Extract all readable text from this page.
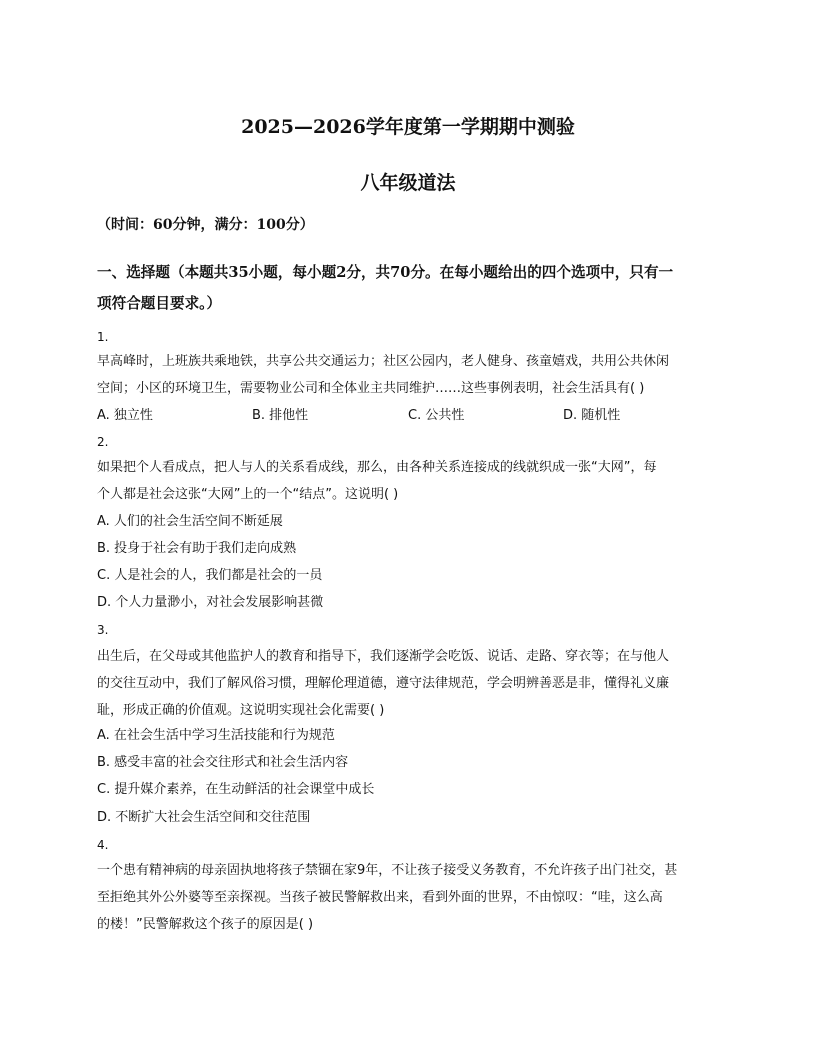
2025—2026学年度第一学期期中测验
八年级道法
（时间：60分钟，满分：100分）
一、选择题（本题共35小题，每小题2分，共70分。在每小题给出的四个选项中，只有一
项符合题目要求。）
1.
早高峰时，上班族共乘地铁，共享公共交通运力；社区公园内，老人健身、孩童嬉戏，共用公共休闲
空间；小区的环境卫生，需要物业公司和全体业主共同维护……这些事例表明，社会生活具有( )
A. 独立性	B. 排他性	C. 公共性	D. 随机性
2.
如果把个人看成点，把人与人的关系看成线，那么，由各种关系连接成的线就织成一张“大网”，每
个人都是社会这张“大网”上的一个“结点”。这说明( )
A. 人们的社会生活空间不断延展
B. 投身于社会有助于我们走向成熟
C. 人是社会的人，我们都是社会的一员
D. 个人力量渺小，对社会发展影响甚微
3.
出生后，在父母或其他监护人的教育和指导下，我们逐渐学会吃饭、说话、走路、穿衣等；在与他人
的交往互动中，我们了解风俗习惯，理解伦理道德，遵守法律规范，学会明辨善恶是非，懂得礼义廉
耻，形成正确的价值观。这说明实现社会化需要( )
A. 在社会生活中学习生活技能和行为规范
B. 感受丰富的社会交往形式和社会生活内容
C. 提升媒介素养，在生动鲜活的社会课堂中成长
D. 不断扩大社会生活空间和交往范围
4.
一个患有精神病的母亲固执地将孩子禁锢在家9年，不让孩子接受义务教育，不允许孩子出门社交，甚
至拒绝其外公外婆等至亲探视。当孩子被民警解救出来，看到外面的世界，不由惊叹：“哇，这么高
的楼！”民警解救这个孩子的原因是( )
